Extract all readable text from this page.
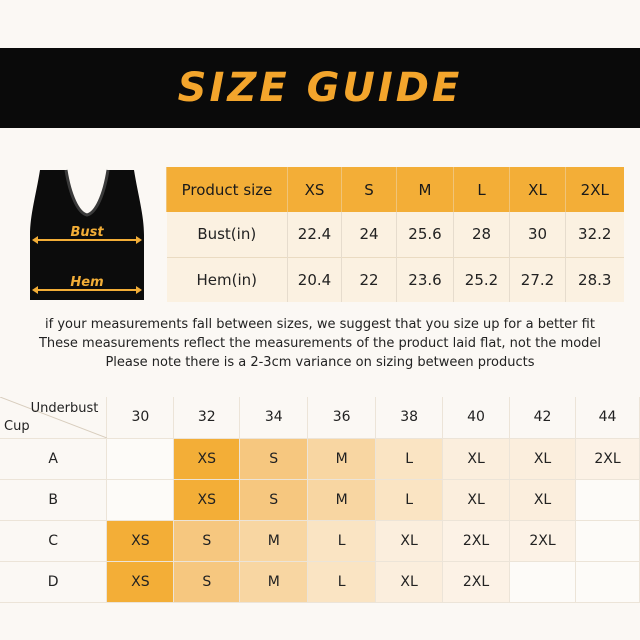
SIZE GUIDE
Bust
Hem
Product size	XS	S	M	L	XL	2XL
Bust(in)	22.4	24	25.6	28	30	32.2
Hem(in)	20.4	22	23.6	25.2	27.2	28.3
if your measurements fall between sizes, we suggest that you size up for a better fit
These measurements reflect the measurements of the product laid flat, not the model
Please note there is a 2-3cm variance on sizing between products
Underbust
Cup	30	32	34	36	38	40	42	44
A		XS	S	M	L	XL	XL	2XL
B		XS	S	M	L	XL	XL	
C	XS	S	M	L	XL	2XL	2XL	
D	XS	S	M	L	XL	2XL		
